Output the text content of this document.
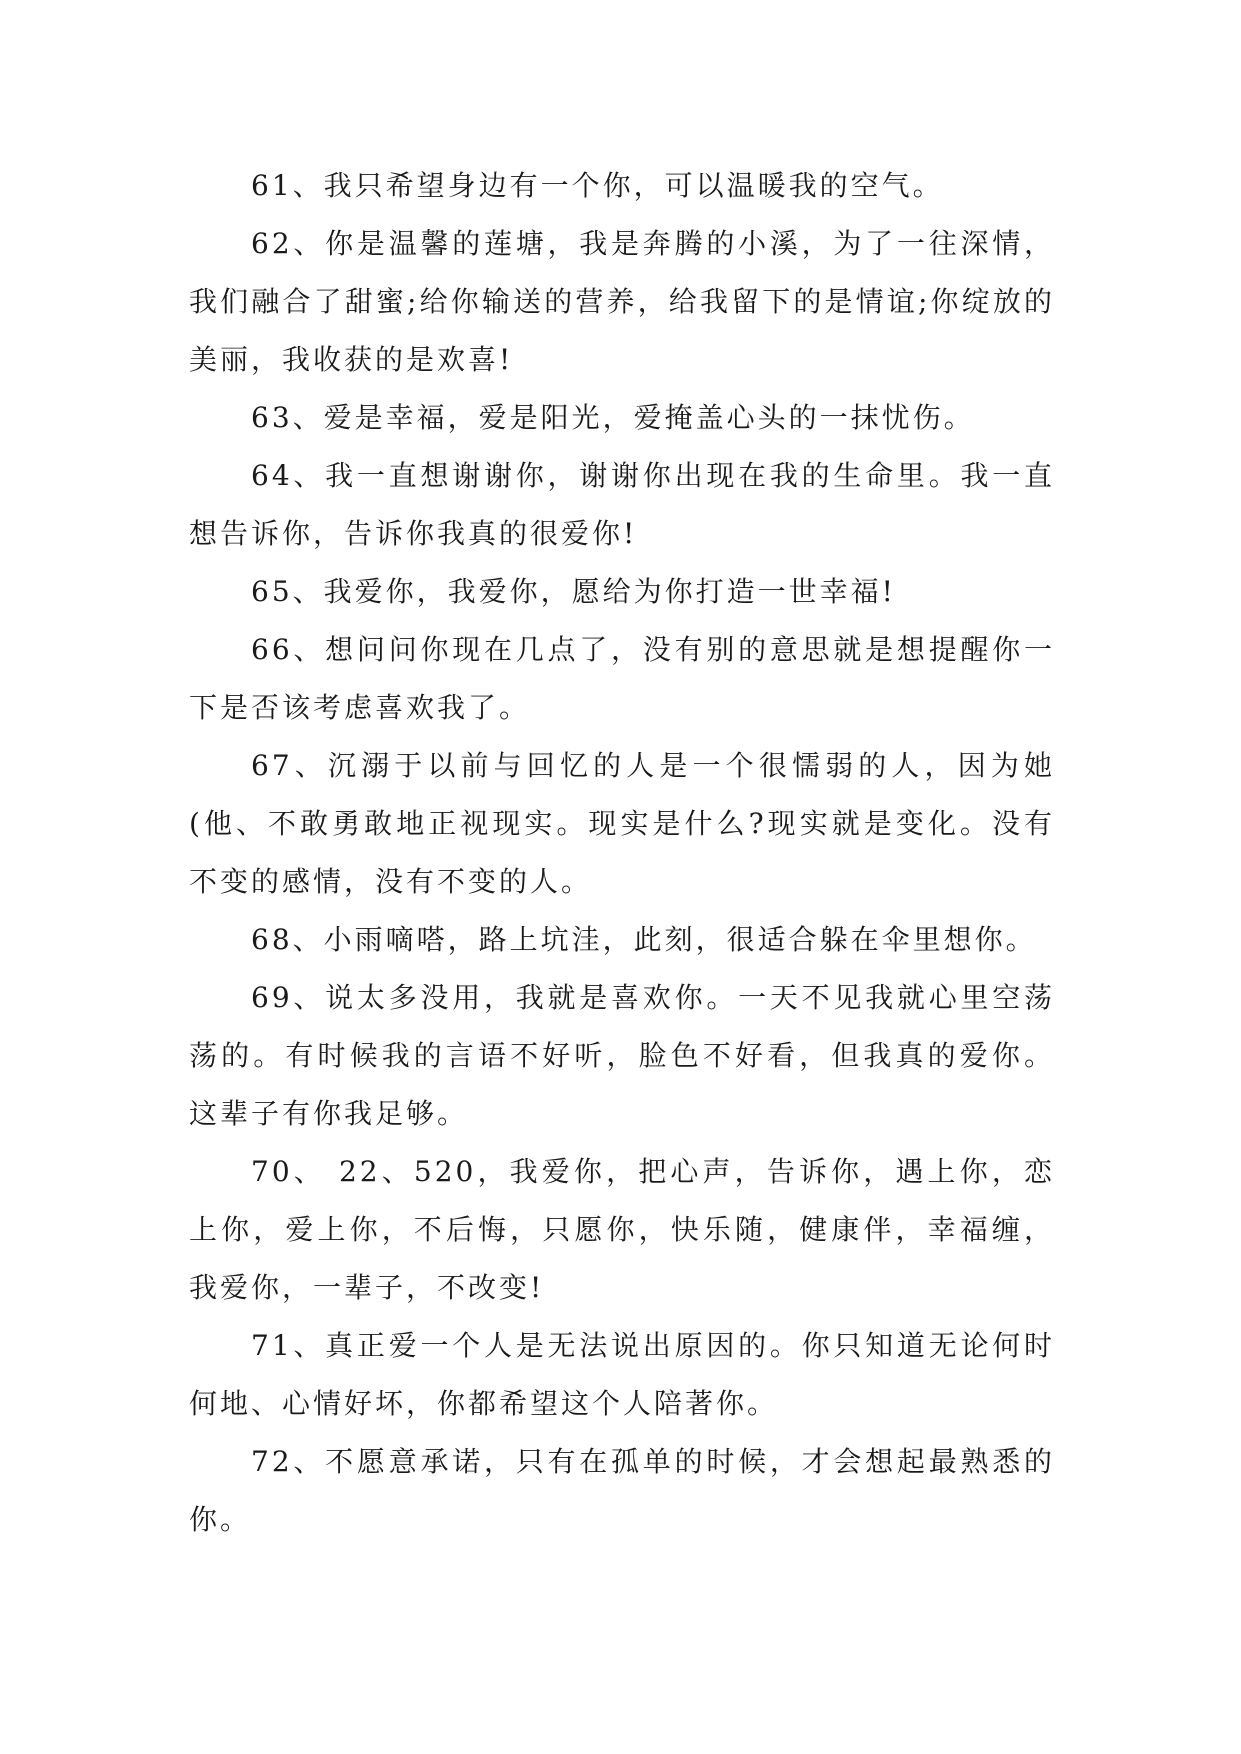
61、我只希望身边有一个你，可以温暖我的空气。

62、你是温馨的莲塘，我是奔腾的小溪，为了一往深情，我们融合了甜蜜;给你输送的营养，给我留下的是情谊;你绽放的美丽，我收获的是欢喜!

63、爱是幸福，爱是阳光，爱掩盖心头的一抹忧伤。

64、我一直想谢谢你，谢谢你出现在我的生命里。我一直想告诉你，告诉你我真的很爱你!

65、我爱你，我爱你，愿给为你打造一世幸福!

66、想问问你现在几点了，没有别的意思就是想提醒你一下是否该考虑喜欢我了。

67、沉溺于以前与回忆的人是一个很懦弱的人，因为她(他、不敢勇敢地正视现实。现实是什么?现实就是变化。没有不变的感情，没有不变的人。

68、小雨嘀嗒，路上坑洼，此刻，很适合躲在伞里想你。

69、说太多没用，我就是喜欢你。一天不见我就心里空荡荡的。有时候我的言语不好听，脸色不好看，但我真的爱你。这辈子有你我足够。

70、 22、520，我爱你，把心声，告诉你，遇上你，恋上你，爱上你，不后悔，只愿你，快乐随，健康伴，幸福缠，我爱你，一辈子，不改变!

71、真正爱一个人是无法说出原因的。你只知道无论何时何地、心情好坏，你都希望这个人陪著你。

72、不愿意承诺，只有在孤单的时候，才会想起最熟悉的你。
